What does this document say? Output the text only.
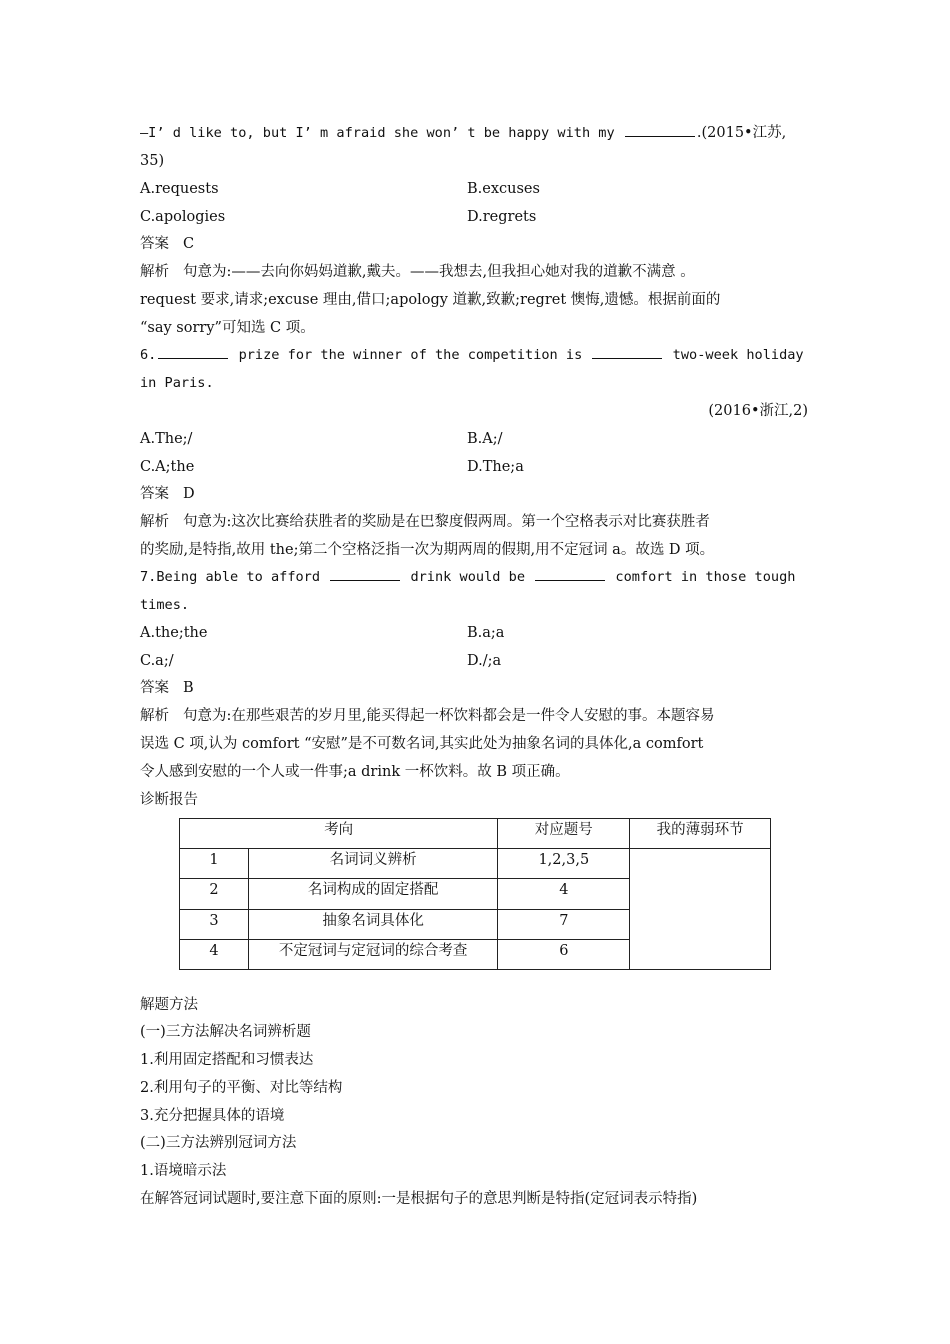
—I’ d like to, but I’ m afraid she won’ t be happy with my	.(2015•江苏,
35)
A.requests	B.excuses
C.apologies	D.regrets
答案 C
解析 句意为:——去向你妈妈道歉,戴夫。——我想去,但我担心她对我的道歉不满意 。
request 要求,请求;excuse 理由,借口;apology 道歉,致歉;regret 懊悔,遗憾。根据前面的
“say sorry”可知选 C 项。
6.	prize for the winner of the competition is	two-week holiday
in Paris.
(2016•浙江,2)
A.The;/	B.A;/
C.A;the	D.The;a
答案 D
解析 句意为:这次比赛给获胜者的奖励是在巴黎度假两周。第一个空格表示对比赛获胜者
的奖励,是特指,故用 the;第二个空格泛指一次为期两周的假期,用不定冠词 a。故选 D 项。
7.Being able to afford	drink would be	comfort in those tough
times.
A.the;the	B.a;a
C.a;/	D./;a
答案 B
解析 句意为:在那些艰苦的岁月里,能买得起一杯饮料都会是一件令人安慰的事。本题容易
误选 C 项,认为 comfort “安慰”是不可数名词,其实此处为抽象名词的具体化,a comfort
令人感到安慰的一个人或一件事;a drink 一杯饮料。故 B 项正确。
诊断报告
考向		对应题号	我的薄弱环节
1	名词词义辨析	1,2,3,5	
2	名词构成的固定搭配	4	
3	抽象名词具体化	7	
4	不定冠词与定冠词的综合考查	6	
解题方法
(一)三方法解决名词辨析题
1.利用固定搭配和习惯表达
2.利用句子的平衡、对比等结构
3.充分把握具体的语境
(二)三方法辨别冠词方法
1.语境暗示法
在解答冠词试题时,要注意下面的原则:一是根据句子的意思判断是特指(定冠词表示特指)
